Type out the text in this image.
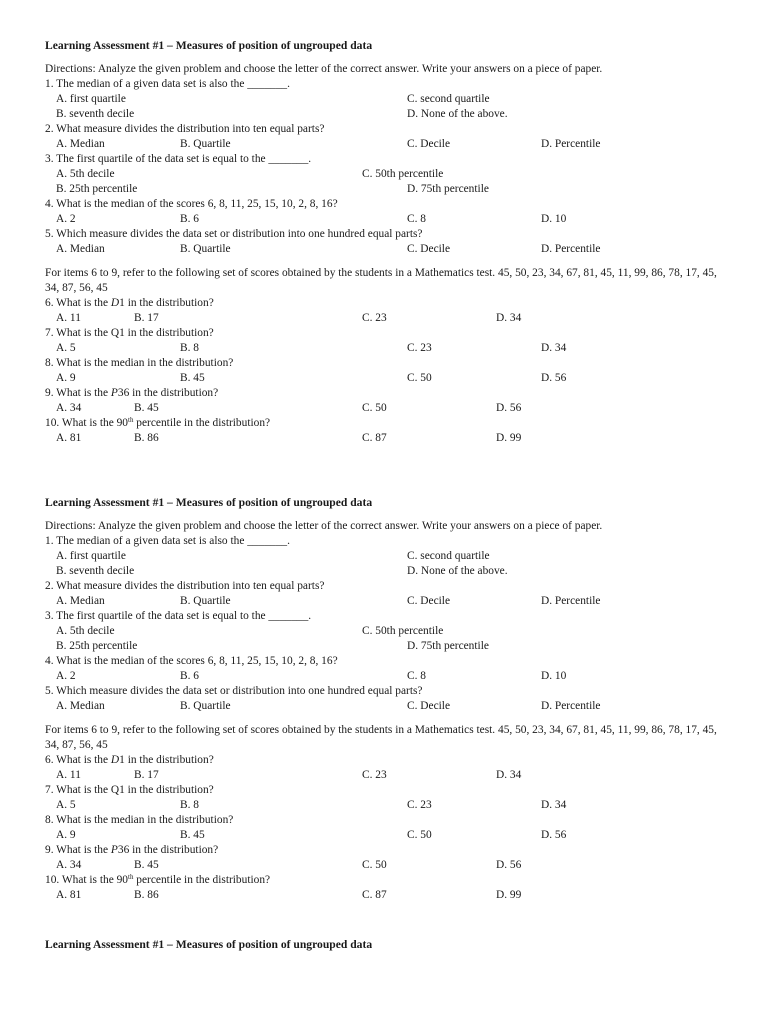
Learning Assessment #1 – Measures of position of ungrouped data
Directions: Analyze the given problem and choose the letter of the correct answer. Write your answers on a piece of paper.
1. The median of a given data set is also the _______.
A. first quartile	C. second quartile
B. seventh decile	D. None of the above.
2. What measure divides the distribution into ten equal parts?
A. Median	B. Quartile	C. Decile	D. Percentile
3. The first quartile of the data set is equal to the _______.
A. 5th decile	C. 50th percentile
B. 25th percentile	D. 75th percentile
4. What is the median of the scores 6, 8, 11, 25, 15, 10, 2, 8, 16?
A. 2	B. 6	C. 8	D. 10
5. Which measure divides the data set or distribution into one hundred equal parts?
A. Median	B. Quartile	C. Decile	D. Percentile
For items 6 to 9, refer to the following set of scores obtained by the students in a Mathematics test. 45, 50, 23, 34, 67, 81, 45, 11, 99, 86, 78, 17, 45, 34, 87, 56, 45
6. What is the D1 in the distribution?
A. 11	B. 17	C. 23	D. 34
7. What is the Q1 in the distribution?
A. 5	B. 8	C. 23	D. 34
8. What is the median in the distribution?
A. 9	B. 45	C. 50	D. 56
9. What is the P36 in the distribution?
A. 34	B. 45	C. 50	D. 56
10. What is the 90th percentile in the distribution?
A. 81	B. 86	C. 87	D. 99
Learning Assessment #1 – Measures of position of ungrouped data
Directions: Analyze the given problem and choose the letter of the correct answer. Write your answers on a piece of paper.
1. The median of a given data set is also the _______.
A. first quartile	C. second quartile
B. seventh decile	D. None of the above.
2. What measure divides the distribution into ten equal parts?
A. Median	B. Quartile	C. Decile	D. Percentile
3. The first quartile of the data set is equal to the _______.
A. 5th decile	C. 50th percentile
B. 25th percentile	D. 75th percentile
4. What is the median of the scores 6, 8, 11, 25, 15, 10, 2, 8, 16?
A. 2	B. 6	C. 8	D. 10
5. Which measure divides the data set or distribution into one hundred equal parts?
A. Median	B. Quartile	C. Decile	D. Percentile
For items 6 to 9, refer to the following set of scores obtained by the students in a Mathematics test. 45, 50, 23, 34, 67, 81, 45, 11, 99, 86, 78, 17, 45, 34, 87, 56, 45
6. What is the D1 in the distribution?
A. 11	B. 17	C. 23	D. 34
7. What is the Q1 in the distribution?
A. 5	B. 8	C. 23	D. 34
8. What is the median in the distribution?
A. 9	B. 45	C. 50	D. 56
9. What is the P36 in the distribution?
A. 34	B. 45	C. 50	D. 56
10. What is the 90th percentile in the distribution?
A. 81	B. 86	C. 87	D. 99
Learning Assessment #1 – Measures of position of ungrouped data
